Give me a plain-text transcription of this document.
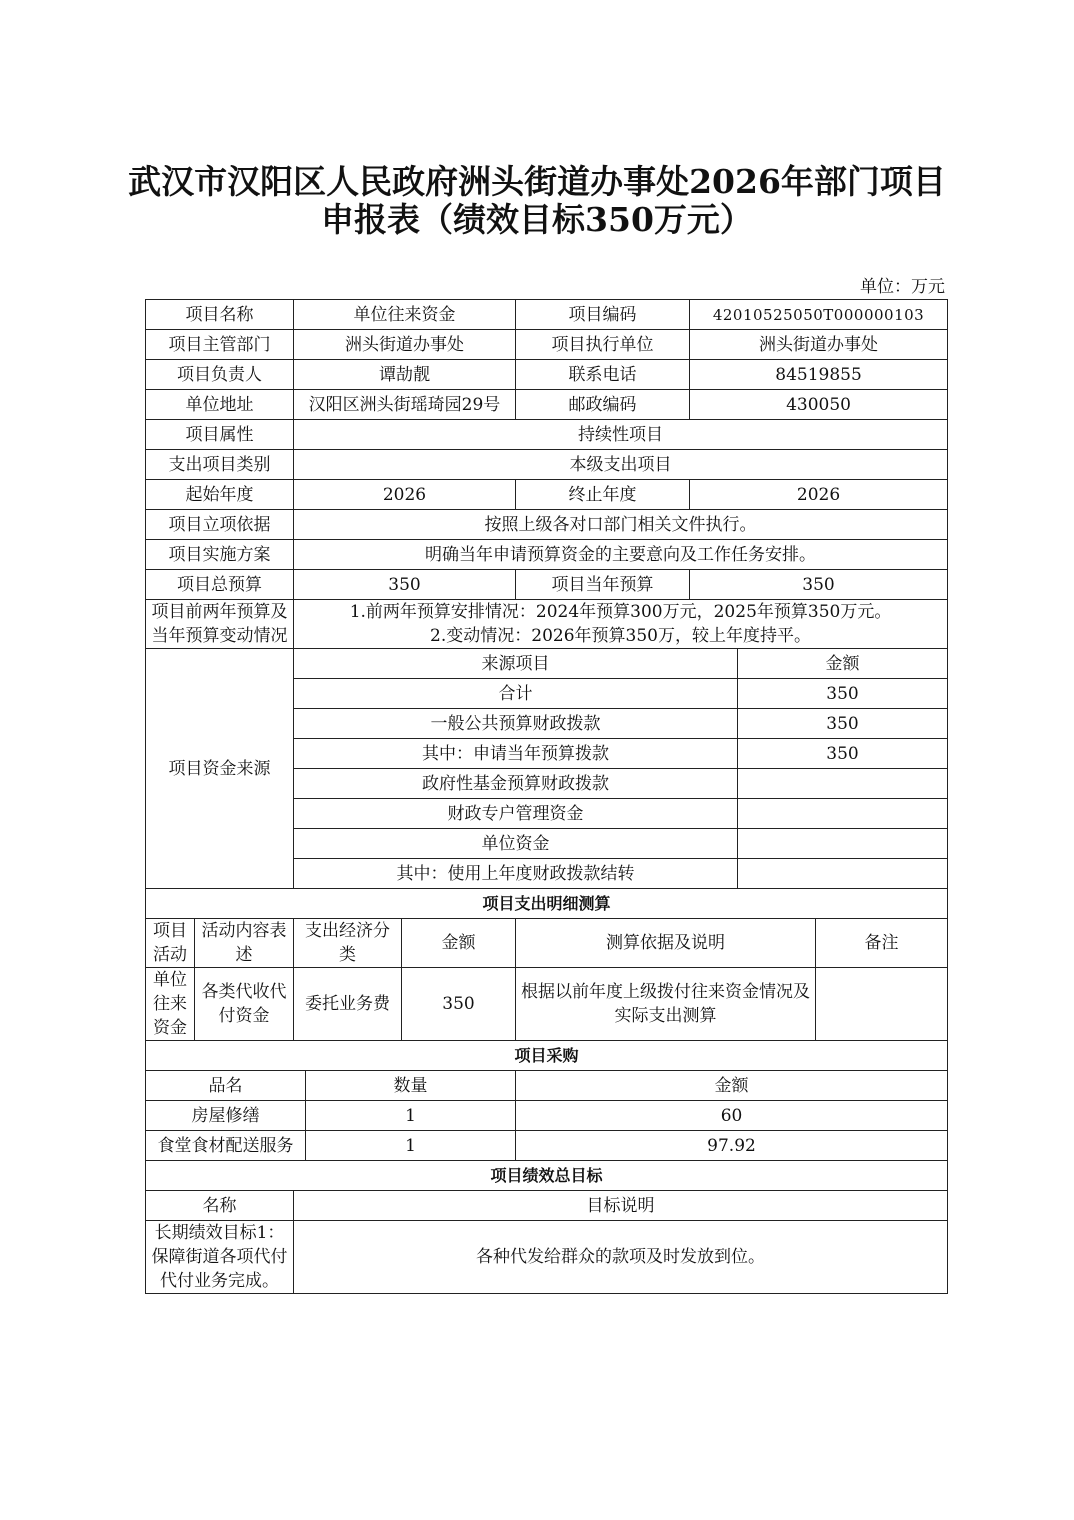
武汉市汉阳区人民政府洲头街道办事处2026年部门项目
申报表（绩效目标350万元）
单位：万元
项目名称		单位往来资金			项目编码	42010525050T000000103		
项目主管部门		洲头街道办事处			项目执行单位	洲头街道办事处		
项目负责人		谭劼靓			联系电话	84519855		
单位地址		汉阳区洲头街瑶琦园29号			邮政编码	430050		
项目属性		持续性项目						
支出项目类别		本级支出项目						
起始年度		2026			终止年度	2026		
项目立项依据		按照上级各对口部门相关文件执行。						
项目实施方案		明确当年申请预算资金的主要意向及工作任务安排。						
项目总预算		350			项目当年预算	350		
项目前两年预算及当年预算变动情况		1.前两年预算安排情况：2024年预算300万元，2025年预算350万元。
2.变动情况：2026年预算350万，较上年度持平。						

项目资金来源		来源项目					金额	
		合计					350	
		一般公共预算财政拨款					350	
		其中：申请当年预算拨款					350	
		政府性基金预算财政拨款						
		财政专户管理资金						
		单位资金						
		其中：使用上年度财政拨款结转						
项目支出明细测算								
项目活动	活动内容表述	支出经济分类		金额	测算依据及说明			备注
单位往来资金	各类代收代付资金	委托业务费		350	根据以前年度上级拨付往来资金情况及实际支出测算			
项目采购								
品名			数量		金额			
房屋修缮			1		60			
食堂食材配送服务			1		97.92			
项目绩效总目标								
名称		目标说明						
长期绩效目标1：保障街道各项代付代付业务完成。		各种代发给群众的款项及时发放到位。						
